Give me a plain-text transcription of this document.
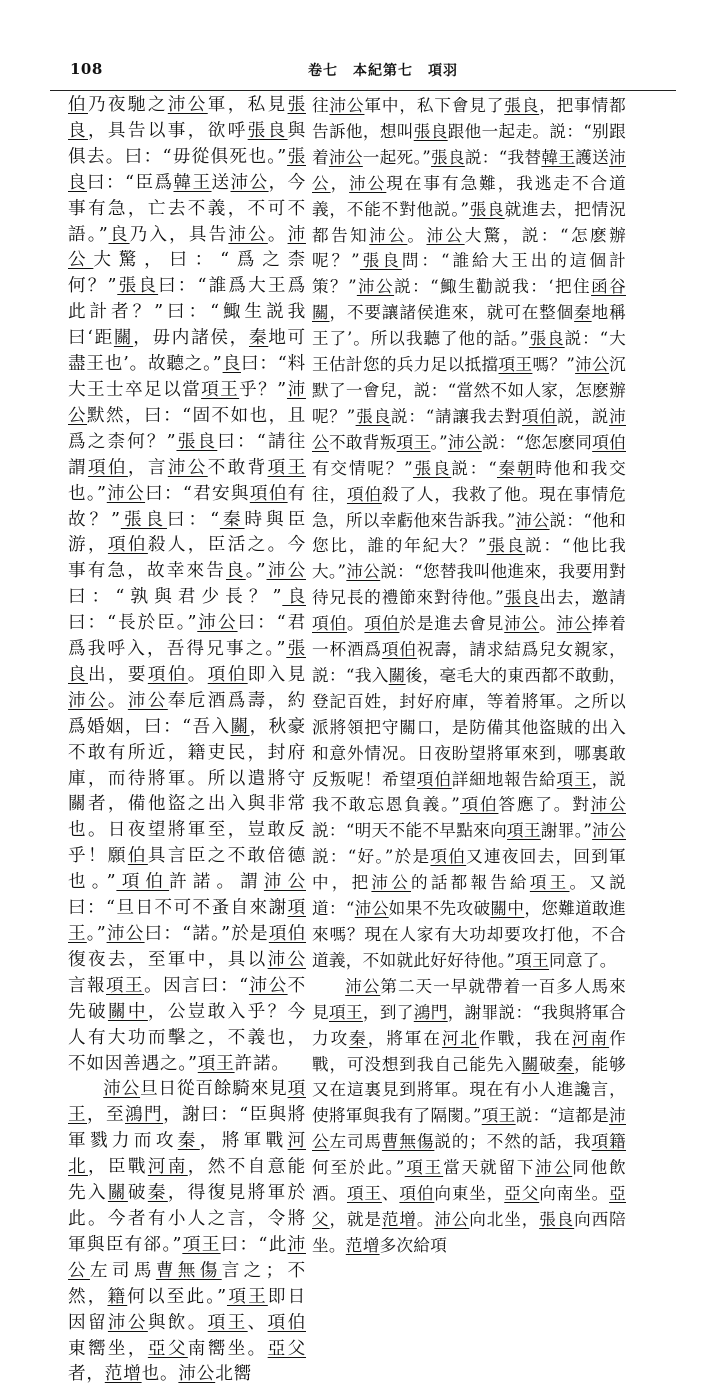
108	卷七　本紀第七　項羽

伯乃夜馳之沛公軍，私見張良，具告以事，欲呼張良與俱去。曰：“毋從俱死也。”張良曰：“臣爲韓王送沛公，今事有急，亡去不義，不可不語。”良乃入，具告沛公。沛公大驚，曰：“爲之柰何？”張良曰：“誰爲大王爲此計者？”曰：“鯫生説我曰‘距關，毋内諸侯，秦地可盡王也’。故聽之。”良曰：“料大王士卒足以當項王乎？”沛公默然，曰：“固不如也，且爲之柰何？”張良曰：“請往謂項伯，言沛公不敢背項王也。”沛公曰：“君安與項伯有故？”張良曰：“秦時與臣游，項伯殺人，臣活之。今事有急，故幸來告良。”沛公曰：“孰與君少長？”良曰：“長於臣。”沛公曰：“君爲我呼入，吾得兄事之。”張良出，要項伯。項伯即入見沛公。沛公奉卮酒爲壽，約爲婚姻，曰：“吾入關，秋豪不敢有所近，籍吏民，封府庫，而待將軍。所以遣將守關者，備他盜之出入與非常也。日夜望將軍至，豈敢反乎！願伯具言臣之不敢倍德也。”項伯許諾。謂沛公曰：“旦日不可不蚤自來謝項王。”沛公曰：“諾。”於是項伯復夜去，至軍中，具以沛公言報項王。因言曰：“沛公不先破關中，公豈敢入乎？今人有大功而擊之，不義也，不如因善遇之。”項王許諾。

沛公旦日從百餘騎來見項王，至鴻門，謝曰：“臣與將軍戮力而攻秦，將軍戰河北，臣戰河南，然不自意能先入關破秦，得復見將軍於此。今者有小人之言，令將軍與臣有郤。”項王曰：“此沛公左司馬曹無傷言之；不然，籍何以至此。”項王即日因留沛公與飲。項王、項伯東嚮坐，亞父南嚮坐。亞父者，范增也。沛公北嚮

往沛公軍中，私下會見了張良，把事情都告訴他，想叫張良跟他一起走。説：“别跟着沛公一起死。”張良説：“我替韓王護送沛公，沛公現在事有急難，我逃走不合道義，不能不對他説。”張良就進去，把情況都告知沛公。沛公大驚，説：“怎麽辦呢？”張良問：“誰給大王出的這個計策？”沛公説：“鯫生勸説我：‘把住函谷關，不要讓諸侯進來，就可在整個秦地稱王了’。所以我聽了他的話。”張良説：“大王估計您的兵力足以抵擋項王嗎？”沛公沉默了一會兒，説：“當然不如人家，怎麽辦呢？”張良説：“請讓我去對項伯説，説沛公不敢背叛項王。”沛公説：“您怎麽同項伯有交情呢？”張良説：“秦朝時他和我交往，項伯殺了人，我救了他。現在事情危急，所以幸虧他來告訴我。”沛公説：“他和您比，誰的年紀大？”張良説：“他比我大。”沛公説：“您替我叫他進來，我要用對待兄長的禮節來對待他。”張良出去，邀請項伯。項伯於是進去會見沛公。沛公捧着一杯酒爲項伯祝壽，請求結爲兒女親家，説：“我入關後，毫毛大的東西都不敢動，登記百姓，封好府庫，等着將軍。之所以派將領把守關口，是防備其他盜賊的出入和意外情况。日夜盼望將軍來到，哪裏敢反叛呢！希望項伯詳細地報告給項王，説我不敢忘恩負義。”項伯答應了。對沛公説：“明天不能不早點來向項王謝罪。”沛公説：“好。”於是項伯又連夜回去，回到軍中，把沛公的話都報告給項王。又説道：“沛公如果不先攻破關中，您難道敢進來嗎？現在人家有大功却要攻打他，不合道義，不如就此好好待他。”項王同意了。

沛公第二天一早就帶着一百多人馬來見項王，到了鴻門，謝罪説：“我與將軍合力攻秦，將軍在河北作戰，我在河南作戰，可没想到我自己能先入關破秦，能够又在這裏見到將軍。現在有小人進讒言，使將軍與我有了隔閡。”項王説：“這都是沛公左司馬曹無傷説的；不然的話，我項籍何至於此。”項王當天就留下沛公同他飲酒。項王、項伯向東坐，亞父向南坐。亞父，就是范增。沛公向北坐，張良向西陪坐。范增多次給項
